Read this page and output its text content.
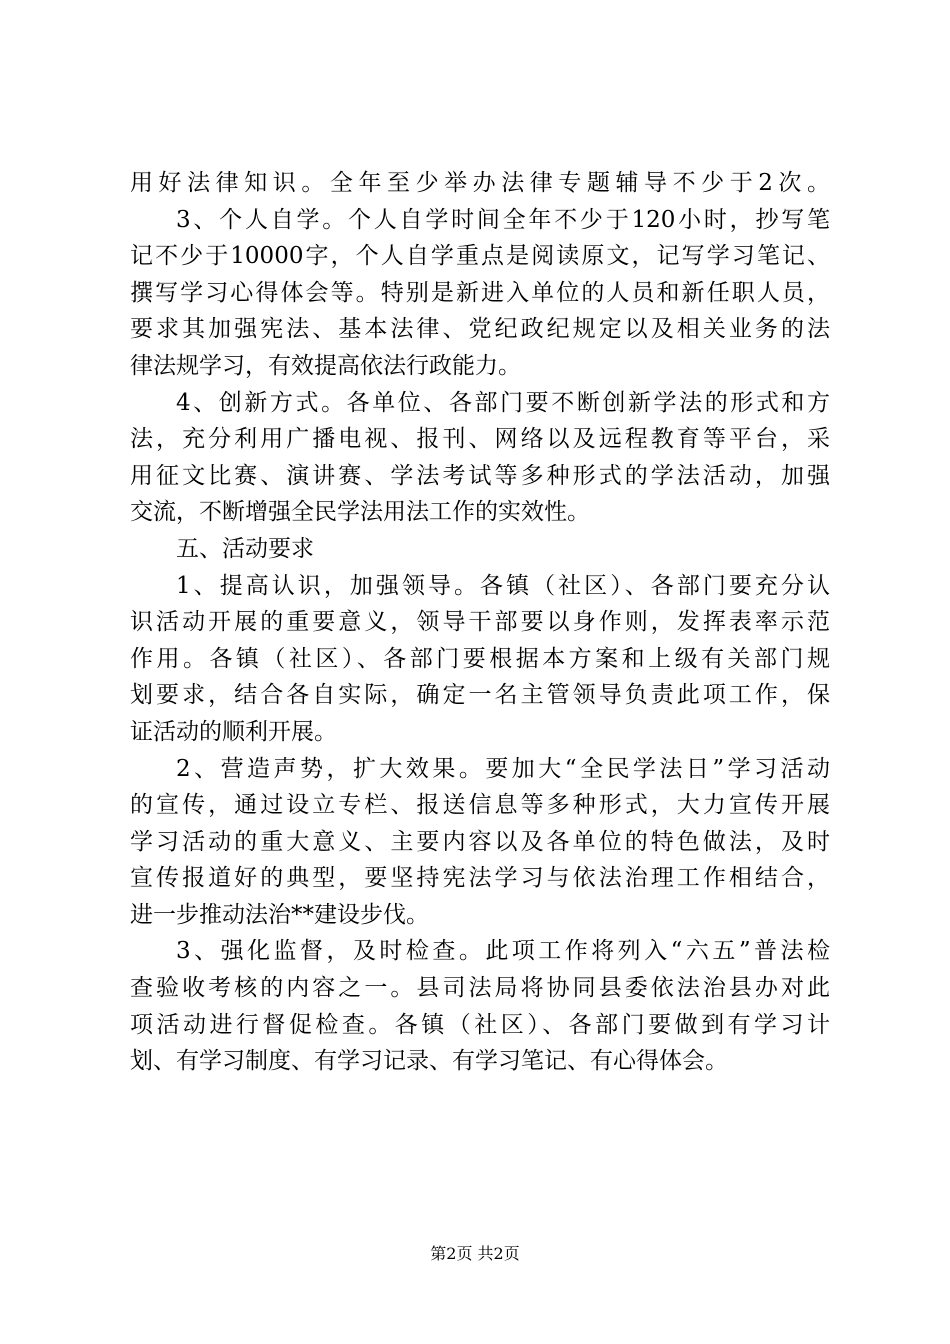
用好法律知识。全年至少举办法律专题辅导不少于2次。
3、个人自学。个人自学时间全年不少于120小时，抄写笔
记不少于10000字，个人自学重点是阅读原文，记写学习笔记、
撰写学习心得体会等。特别是新进入单位的人员和新任职人员，
要求其加强宪法、基本法律、党纪政纪规定以及相关业务的法
律法规学习，有效提高依法行政能力。
4、创新方式。各单位、各部门要不断创新学法的形式和方
法，充分利用广播电视、报刊、网络以及远程教育等平台，采
用征文比赛、演讲赛、学法考试等多种形式的学法活动，加强
交流，不断增强全民学法用法工作的实效性。
五、活动要求
1、提高认识，加强领导。各镇（社区）、各部门要充分认
识活动开展的重要意义，领导干部要以身作则，发挥表率示范
作用。各镇（社区）、各部门要根据本方案和上级有关部门规
划要求，结合各自实际，确定一名主管领导负责此项工作，保
证活动的顺利开展。
2、营造声势，扩大效果。要加大“全民学法日”学习活动
的宣传，通过设立专栏、报送信息等多种形式，大力宣传开展
学习活动的重大意义、主要内容以及各单位的特色做法，及时
宣传报道好的典型，要坚持宪法学习与依法治理工作相结合，
进一步推动法治**建设步伐。
3、强化监督，及时检查。此项工作将列入“六五”普法检
查验收考核的内容之一。县司法局将协同县委依法治县办对此
项活动进行督促检查。各镇（社区）、各部门要做到有学习计
划、有学习制度、有学习记录、有学习笔记、有心得体会。
第2页 共2页
